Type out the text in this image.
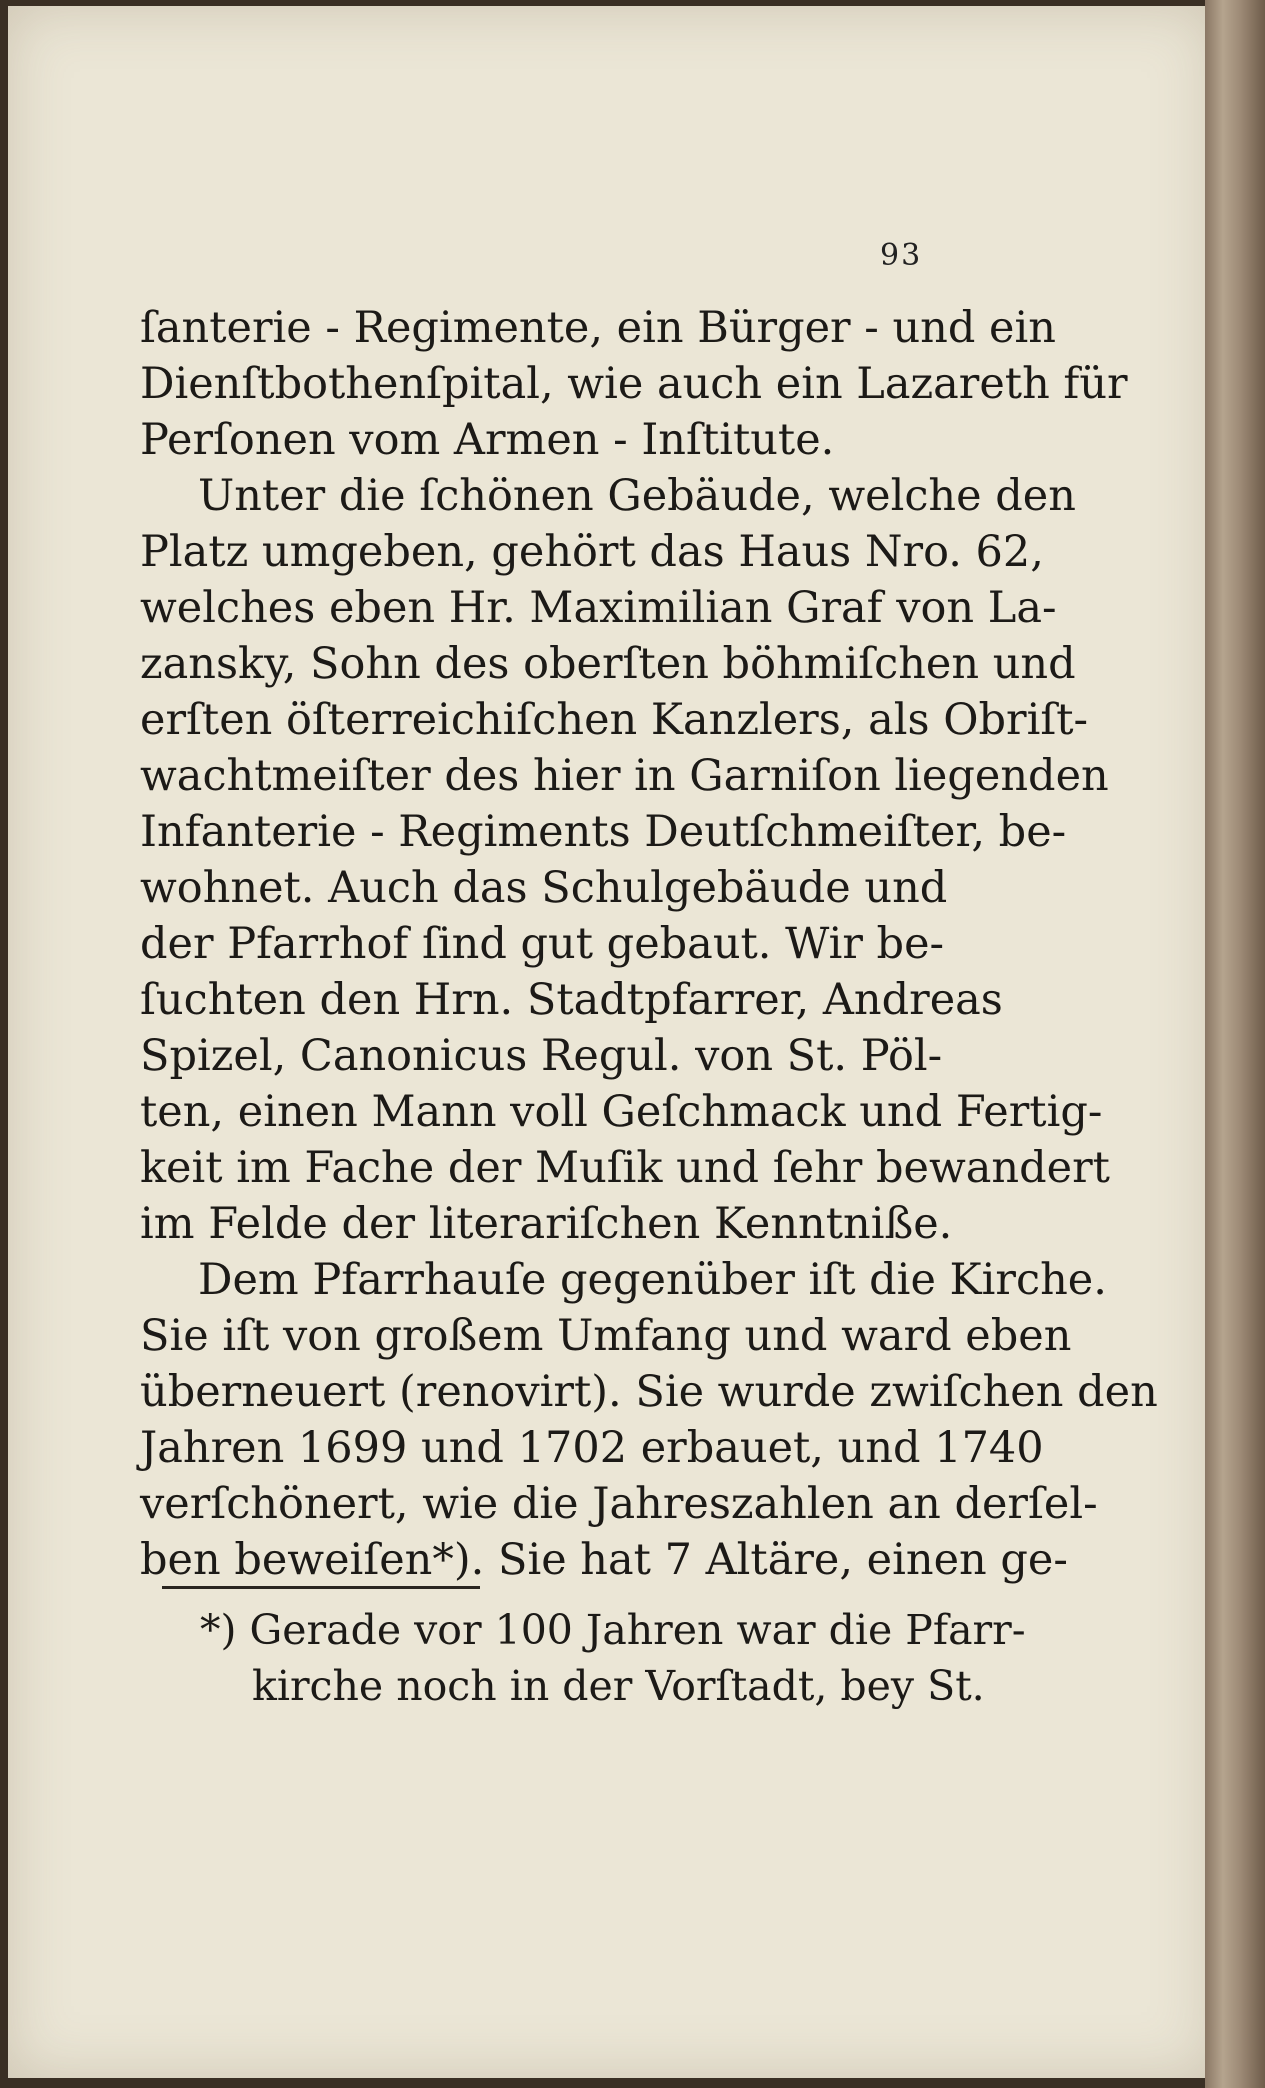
93
ſanterie - Regimente, ein Bürger - und ein
Dienſtbothenſpital, wie auch ein Lazareth für
Perſonen vom Armen - Inſtitute.
Unter die ſchönen Gebäude, welche den
Platz umgeben, gehört das Haus Nro. 62,
welches eben Hr. Maximilian Graf von La-
zansky, Sohn des oberſten böhmiſchen und
erſten öſterreichiſchen Kanzlers, als Obriſt-
wachtmeiſter des hier in Garniſon liegenden
Infanterie - Regiments Deutſchmeiſter, be-
wohnet. Auch das Schulgebäude und
der Pfarrhof ſind gut gebaut. Wir be-
ſuchten den Hrn. Stadtpfarrer, Andreas
Spizel, Canonicus Regul. von St. Pöl-
ten, einen Mann voll Geſchmack und Fertig-
keit im Fache der Muſik und ſehr bewandert
im Felde der literariſchen Kenntniße.
Dem Pfarrhauſe gegenüber iſt die Kirche.
Sie iſt von großem Umfang und ward eben
überneuert (renovirt). Sie wurde zwiſchen den
Jahren 1699 und 1702 erbauet, und 1740
verſchönert, wie die Jahreszahlen an derſel-
ben beweiſen*). Sie hat 7 Altäre, einen ge-
*) Gerade vor 100 Jahren war die Pfarr-
kirche noch in der Vorſtadt, bey St.
